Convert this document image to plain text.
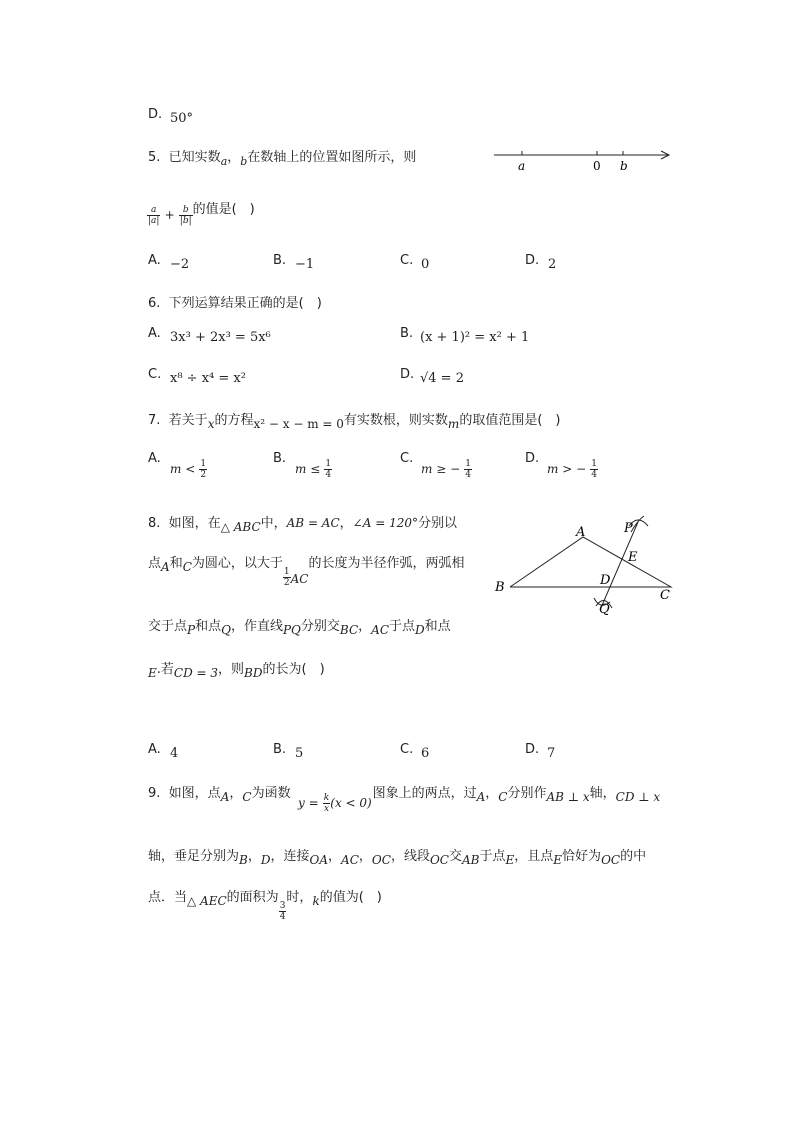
D. 50°
5. 已知实数$_a$，$_b$在数轴上的位置如图所示，则
a	0 b
$\frac{a}{|a|} + \frac{b}{|b|}$ 的值是(　)
A. −2	B. −1	C. 0	D. 2
6. 下列运算结果正确的是(　)
A. 3x³ + 2x³ = 5x⁶	B. (x + 1)² = x² + 1
C. x⁸ ÷ x⁴ = x²	D. √4 = 2
7. 若关于x的方程x² − x − m = 0有实数根，则实数m的取值范围是(　)
A.
$m < \frac{1}{2}$
B.
$m \le \frac{1}{4}$
C.
m ≥ − $\frac{1}{4}$
D.
m > − $\frac{1}{4}$
8. 如图，在△ ABC中，AB = AC，∠A = 120°分别以
点A和C为圆心，以大于
$\frac{1}{2}$ AC的长度为半径作弧，两弧相
交于点P和点Q，作直线PQ分别交BC，AC于点D和点
E.若CD = 3，则BD的长为(　)
A
B
C
D
E
P
Q
A. 4	B. 5	C. 6	D. 7
9. 如图，点A，C为函数	图象上的两点，过A，C分别作AB ⊥ x轴，CD ⊥ x
$y = \frac{k}{x} (x < 0)$
轴，垂足分别为B，D，连接OA，AC，OC，线段OC交AB于点E，且点E恰好为OC的中
点．当△ AEC的面积为
$\frac{3}{4}$
时，k的值为(　)
